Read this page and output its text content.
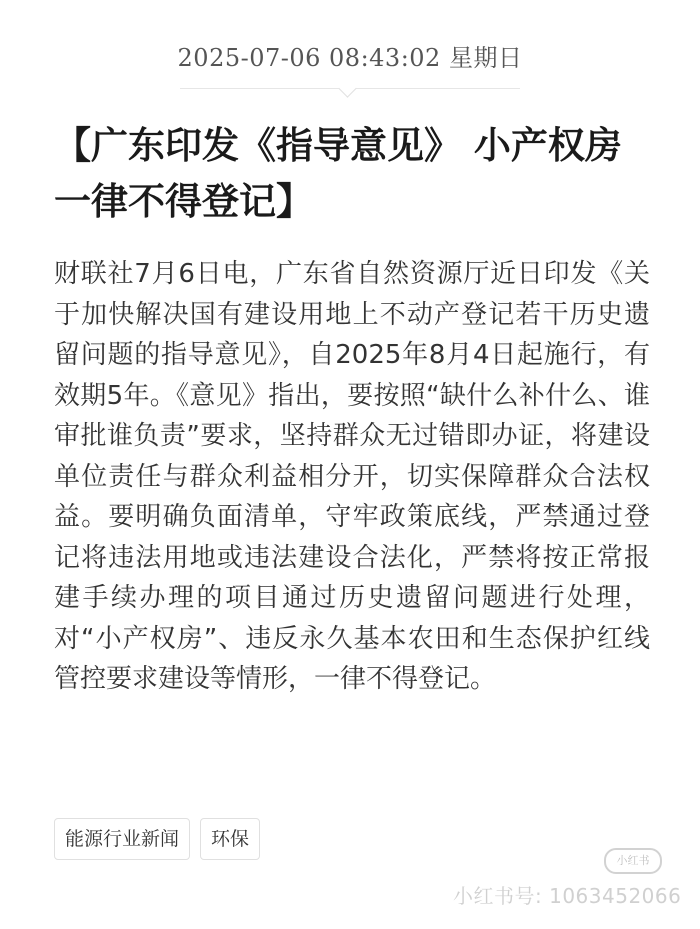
2025-07-06 08:43:02 星期日
【广东印发《指导意见》 小产权房一律不得登记】

财联社7月6日电，广东省自然资源厅近日印发《关于加快解决国有建设用地上不动产登记若干历史遗留问题的指导意见》，自2025年8月4日起施行，有效期5年。《意见》指出，要按照“缺什么补什么、谁审批谁负责”要求，坚持群众无过错即办证，将建设单位责任与群众利益相分开，切实保障群众合法权益。要明确负面清单，守牢政策底线，严禁通过登记将违法用地或违法建设合法化，严禁将按正常报建手续办理的项目通过历史遗留问题进行处理，对“小产权房”、违反永久基本农田和生态保护红线管控要求建设等情形，一律不得登记。

能源行业新闻	环保
小红书
小红书号: 1063452066
